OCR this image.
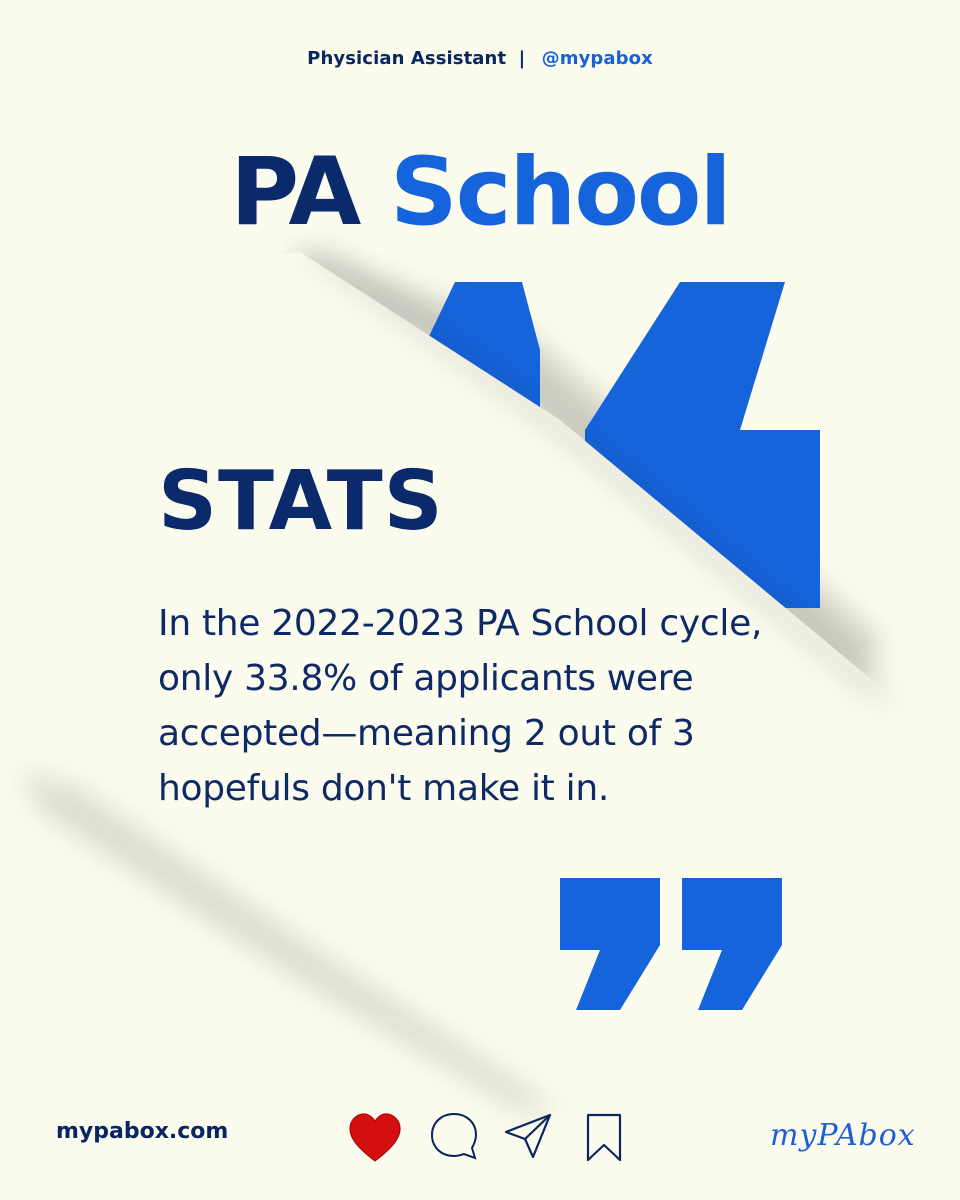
Physician Assistant | @mypabox
PA School
STATS
In the 2022-2023 PA School cycle, only 33.8% of applicants were accepted—meaning 2 out of 3 hopefuls don't make it in.
mypabox.com	myPAbox
